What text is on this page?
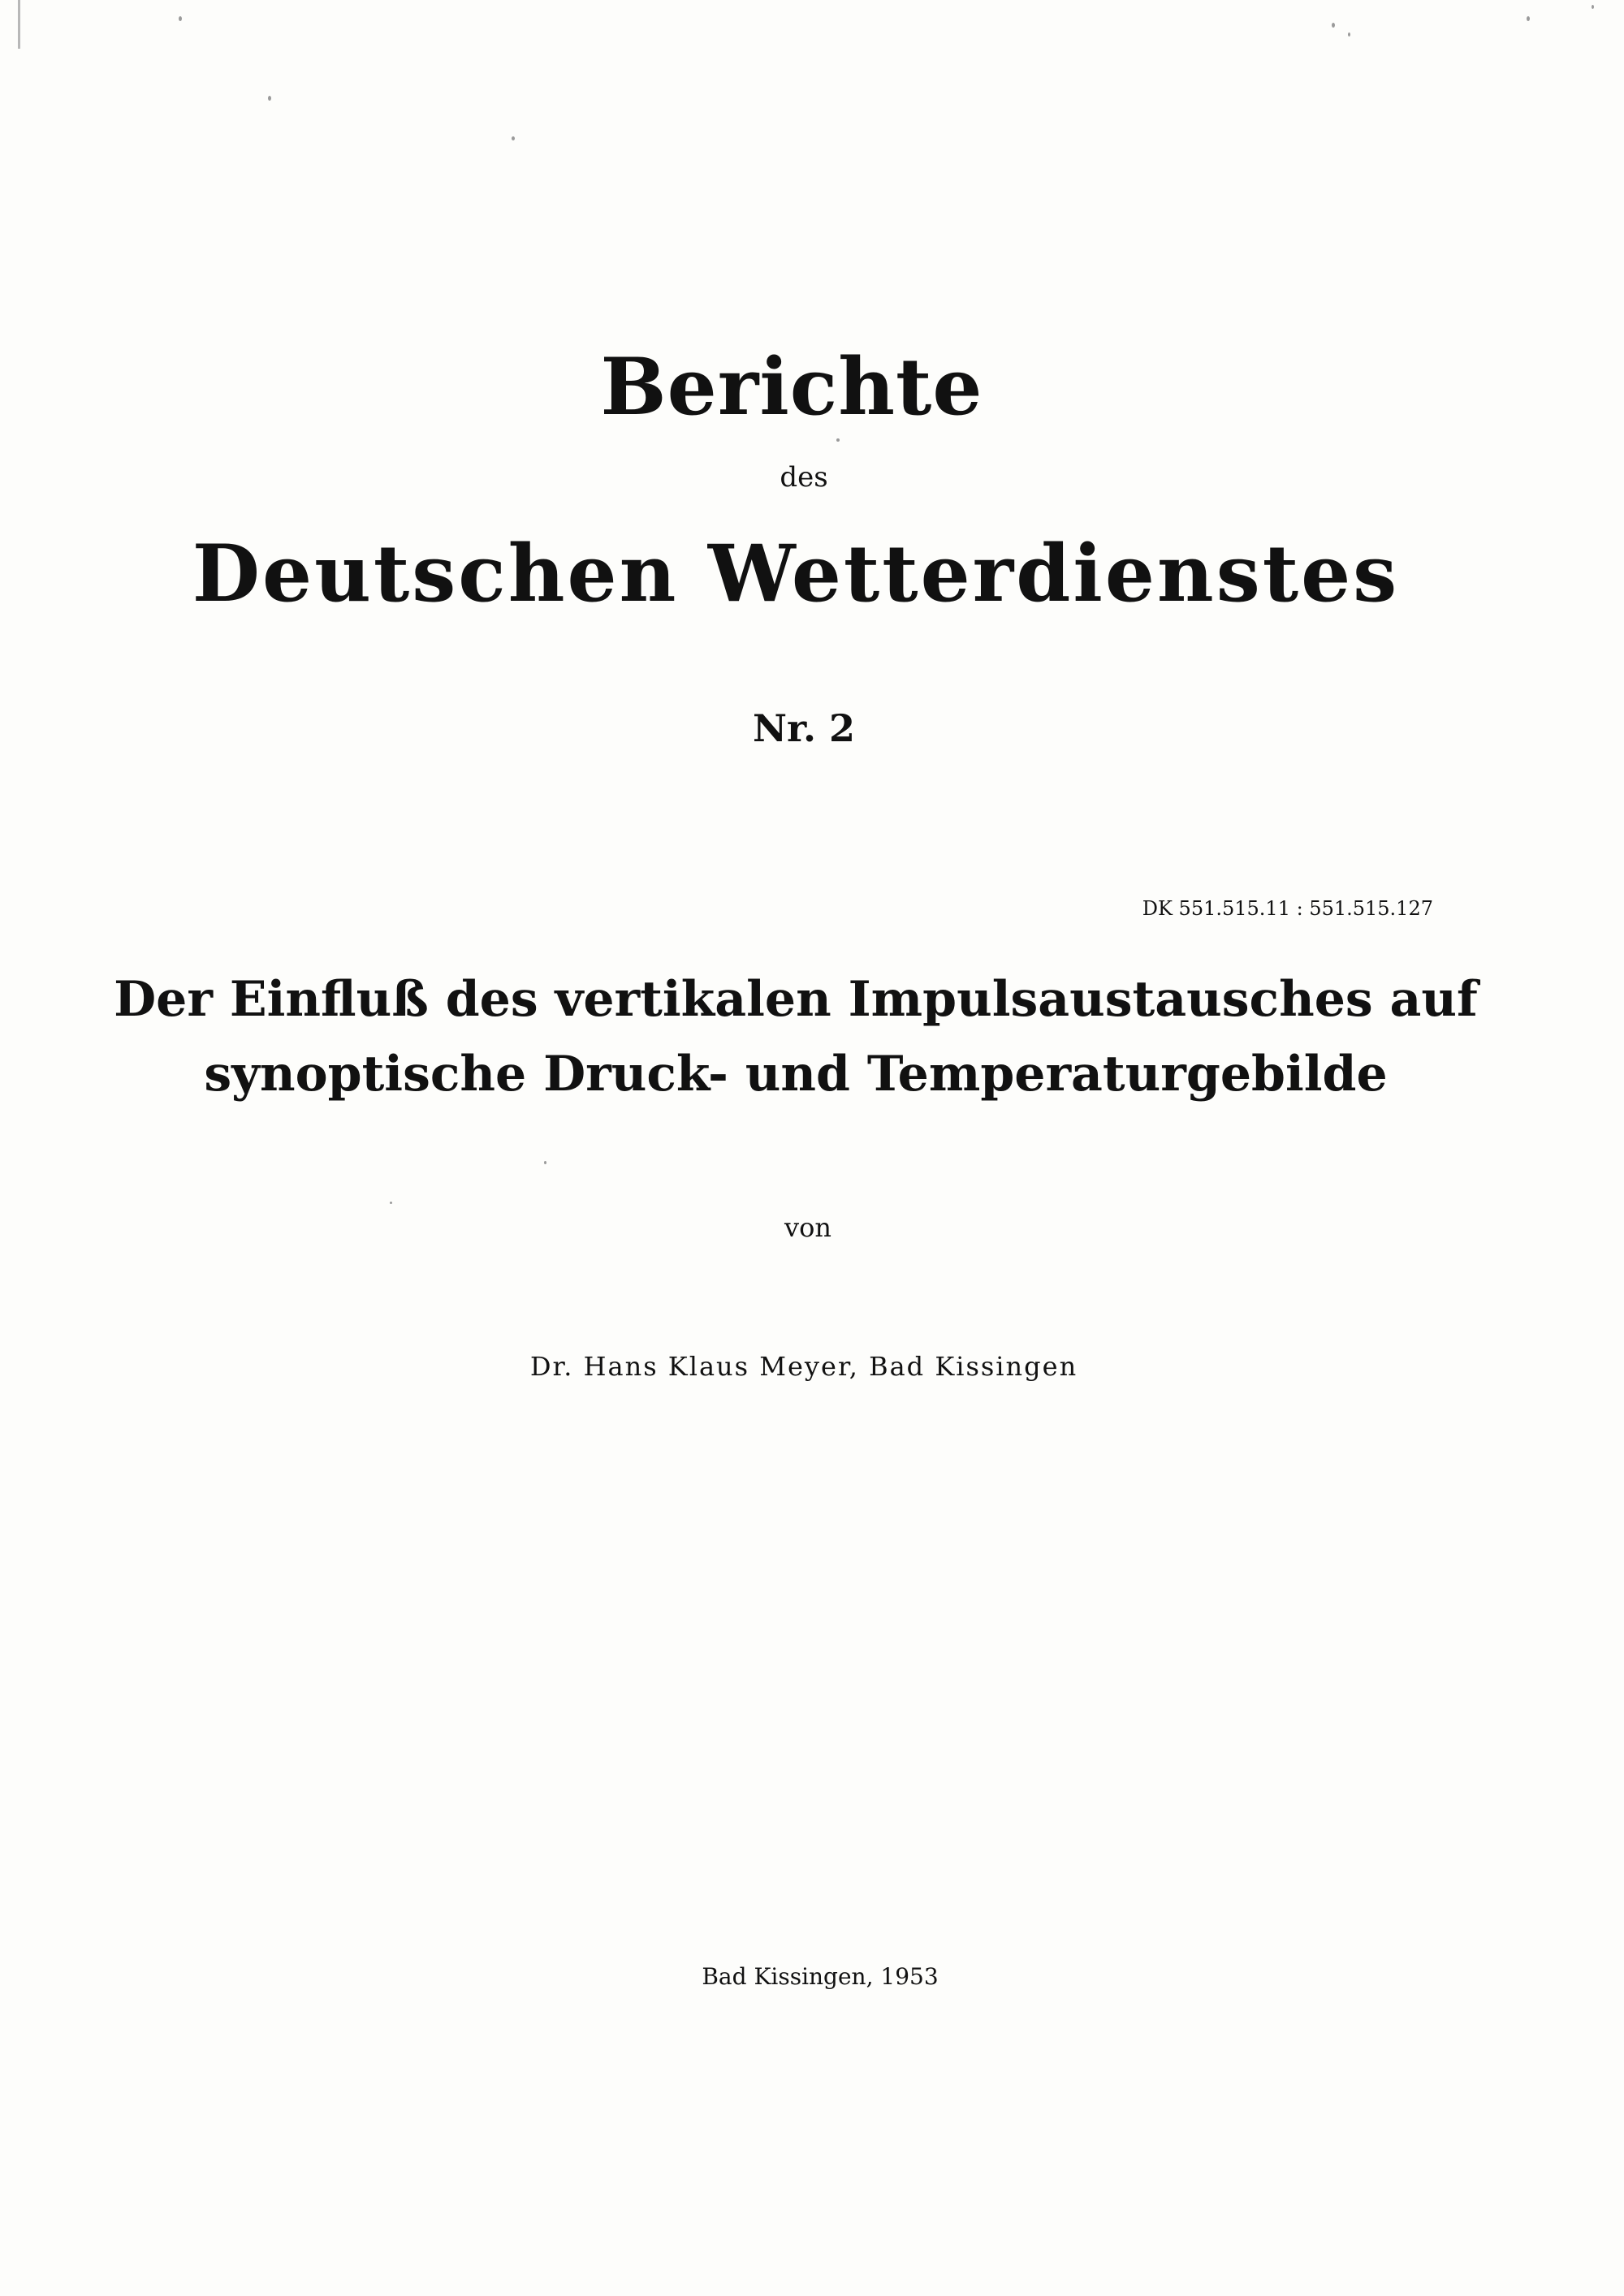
Berichte
des
Deutschen Wetterdienstes
Nr. 2
DK 551.515.11 : 551.515.127
Der Einfluß des vertikalen Impulsaustausches auf
synoptische Druck- und Temperaturgebilde
von
Dr. Hans Klaus Meyer, Bad Kissingen
Bad Kissingen, 1953
